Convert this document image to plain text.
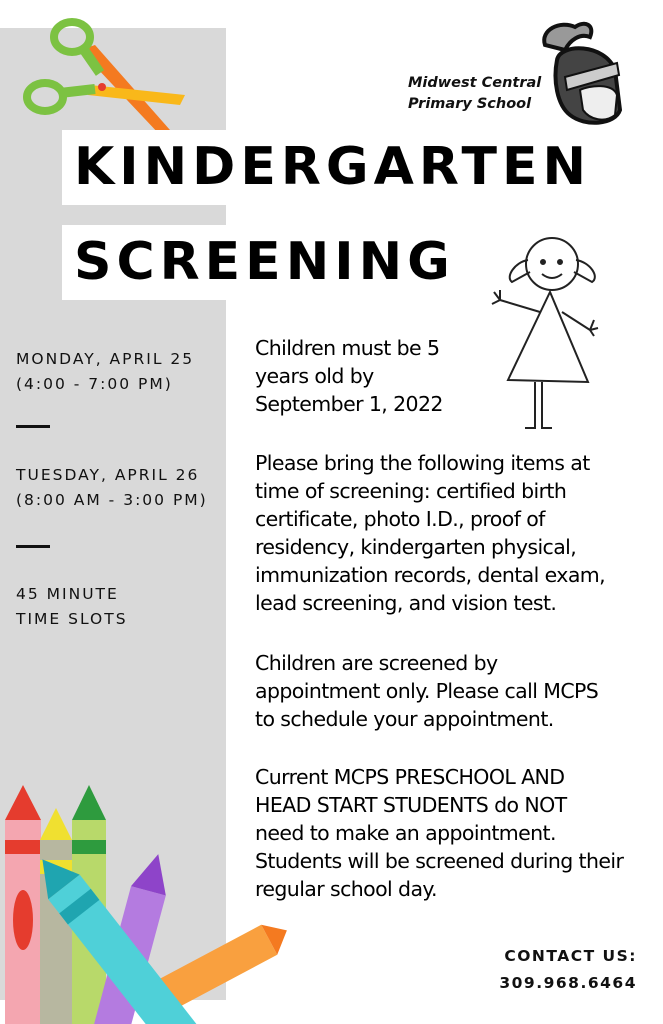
Midwest Central
Primary School
KINDERGARTEN
SCREENING
MONDAY, APRIL 25
(4:00 - 7:00 PM)
TUESDAY, APRIL 26
(8:00 AM - 3:00 PM)
45 MINUTE
TIME SLOTS
Children must be 5
years old by
September 1, 2022
Please bring the following items at
time of screening: certified birth
certificate, photo I.D., proof of
residency, kindergarten physical,
immunization records, dental exam,
lead screening, and vision test.
Children are screened by
appointment only. Please call MCPS
to schedule your appointment.
Current MCPS PRESCHOOL AND
HEAD START STUDENTS do NOT
need to make an appointment.
Students will be screened during their
regular school day.
CONTACT US:
309.968.6464
